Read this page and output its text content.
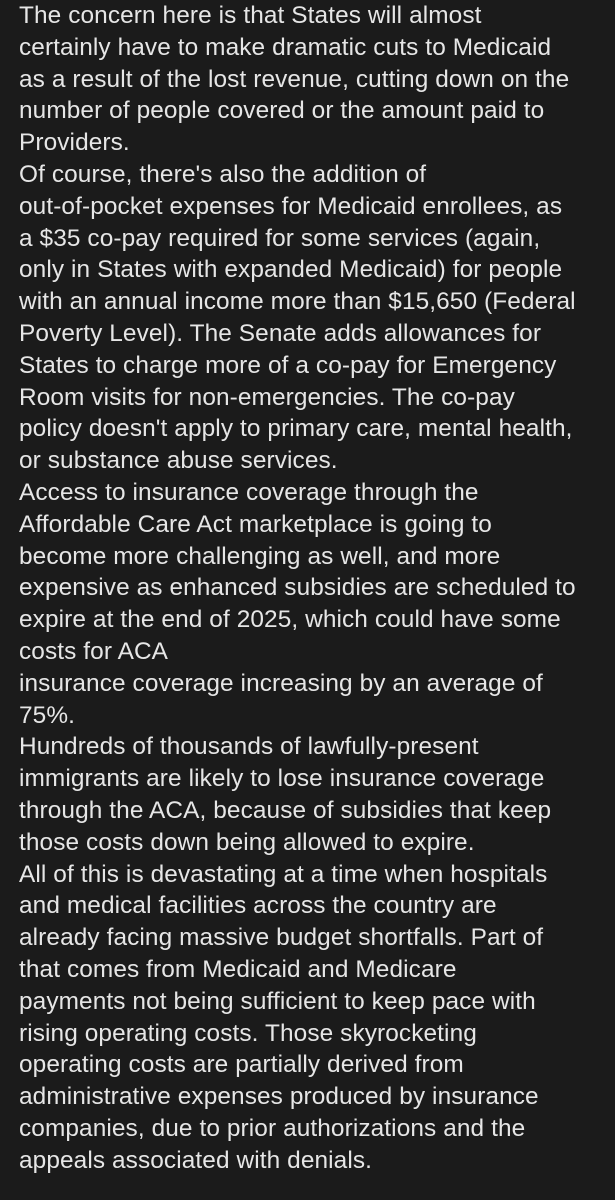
The concern here is that States will almost
certainly have to make dramatic cuts to Medicaid
as a result of the lost revenue, cutting down on the
number of people covered or the amount paid to
Providers.

Of course, there's also the addition of
out-of-pocket expenses for Medicaid enrollees, as
a $35 co-pay required for some services (again,
only in States with expanded Medicaid) for people
with an annual income more than $15,650 (Federal
Poverty Level). The Senate adds allowances for
States to charge more of a co-pay for Emergency
Room visits for non-emergencies. The co-pay
policy doesn't apply to primary care, mental health,
or substance abuse services.

Access to insurance coverage through the
Affordable Care Act marketplace is going to
become more challenging as well, and more
expensive as enhanced subsidies are scheduled to
expire at the end of 2025, which could have some
costs for ACA
insurance coverage increasing by an average of
75%.

Hundreds of thousands of lawfully-present
immigrants are likely to lose insurance coverage
through the ACA, because of subsidies that keep
those costs down being allowed to expire.

All of this is devastating at a time when hospitals
and medical facilities across the country are
already facing massive budget shortfalls. Part of
that comes from Medicaid and Medicare
payments not being sufficient to keep pace with
rising operating costs. Those skyrocketing
operating costs are partially derived from
administrative expenses produced by insurance
companies, due to prior authorizations and the
appeals associated with denials.
